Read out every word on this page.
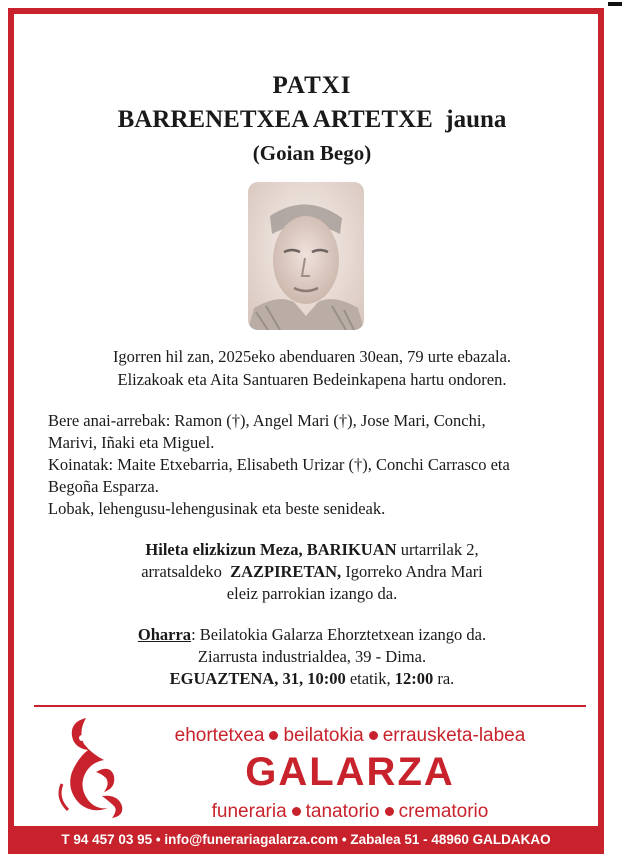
PATXI
BARRENETXEA ARTETXE jauna
(Goian Bego)

Igorren hil zan, 2025eko abenduaren 30ean, 79 urte ebazala.

Elizakoak eta Aita Santuaren Bedeinkapena hartu ondoren.

Bere anai-arrebak: Ramon (†), Angel Mari (†), Jose Mari, Conchi,

Marivi, Iñaki eta Miguel.

Koinatak: Maite Etxebarria, Elisabeth Urizar (†), Conchi Carrasco eta

Begoña Esparza.

Lobak, lehengusu-lehengusinak eta beste senideak.

Hileta elizkizun Meza, BARIKUAN urtarrilak 2,

arratsaldeko ZAZPIRETAN, Igorreko Andra Mari

eleiz parrokian izango da.

Oharra: Beilatokia Galarza Ehorztetxean izango da.

Ziarrusta industrialdea, 39 - Dima.

EGUAZTENA, 31, 10:00 etatik, 12:00 ra.

ehortetxea beilatokia errausketa-labea
GALARZA
funeraria tanatorio crematorio
T 94 457 03 95 • info@funerariagalarza.com • Zabalea 51 - 48960 GALDAKAO
